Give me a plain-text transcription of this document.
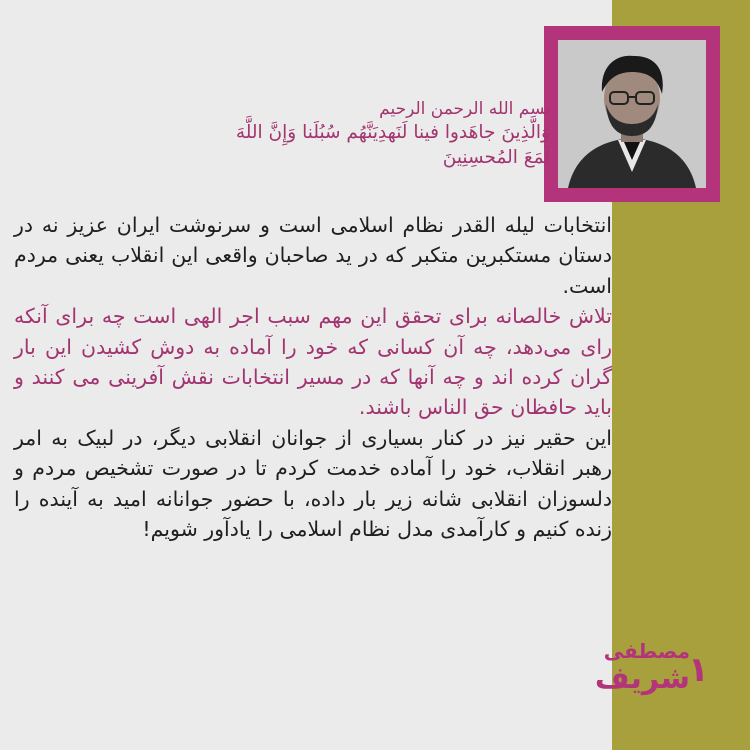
بسم الله الرحمن الرحیم
وَالَّذِینَ جاهَدوا فینا لَنَهدِیَنَّهُم سُبُلَنا وَإِنَّ اللَّهَ
لَمَعَ المُحسِنِینَ

انتخابات لیله القدر نظام اسلامی است و سرنوشت ایران عزیز نه در دستان مستکبرین متکبر که در ید صاحبان واقعی این انقلاب یعنی مردم است.

تلاش خالصانه برای تحقق این مهم سبب اجر الهی است چه برای آنکه رای می‌دهد، چه آن کسانی که خود را آماده به دوش کشیدن این بار گران کرده اند و چه آنها که در مسیر انتخابات نقش آفرینی می کنند و باید حافظان حق الناس باشند.

این حقیر نیز در کنار بسیاری از جوانان انقلابی دیگر، در لبیک به امر رهبر انقلاب، خود را آماده خدمت کردم تا در صورت تشخیص مردم و دلسوزان انقلابی شانه زیر بار داده، با حضور جوانانه امید به آینده را زنده کنیم و کارآمدی مدل نظام اسلامی را یادآور شویم!

مصطفی
شریف
۱
